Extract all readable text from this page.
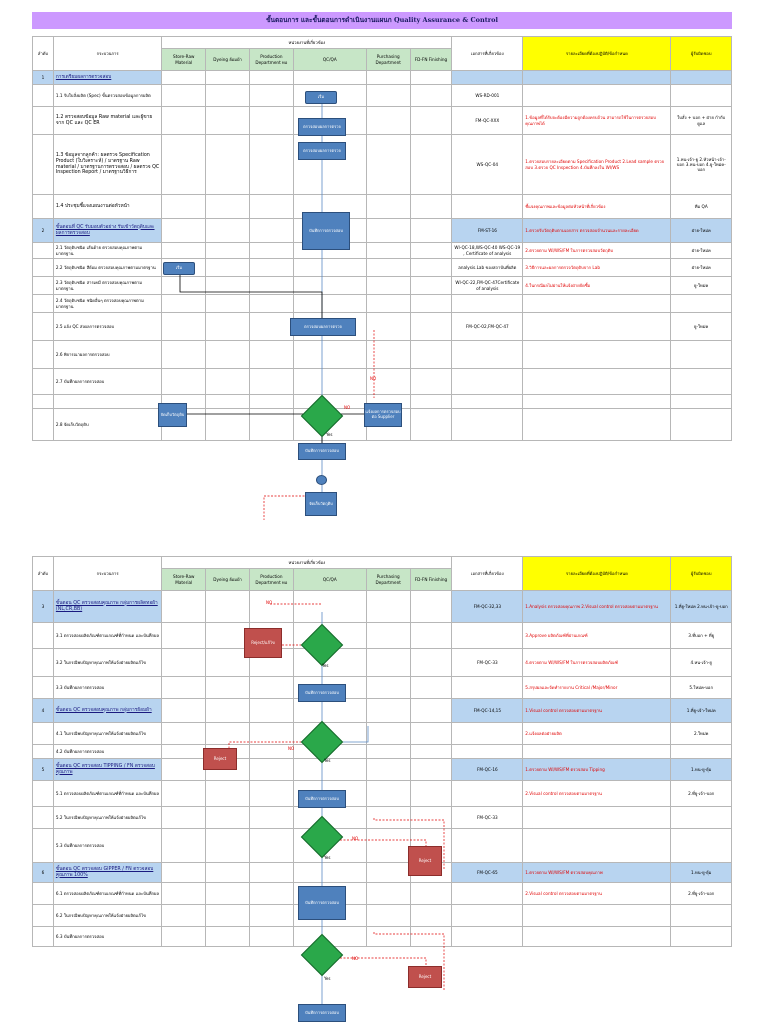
ขั้นตอนการ และขั้นตอนการดำเนินงานแผนก Quality Assurance & Control
ลำดับ	กระบวนการ	หน่วยงานที่เกี่ยวข้อง						เอกสารที่เกี่ยวข้อง	รายละเอียดที่ต้องปฏิบัติ/ข้อกำหนด	ผู้รับผิดชอบ
		Store-Raw Material	Dyeing ย้อมผ้า	Production Department ทอ	QC/QA	Purchasing Department	FD-FN Finishing			
1	การเตรียมผลการตรวจสอบ									
	1.1 รับใบสั่งผลิต (Spec) ขั้นตรวจสอบข้อมูลการผลิต							WS-RD-001		
	1.2 ตรวจสอบข้อมูล Raw material และผู้ขาย จาก QC และ QC ER							FM-QC-XXX	1.ข้อมูลที่ได้รับจะต้องมีความถูกต้องครบถ้วน สามารถใช้ในการตรวจสอบคุณภาพได้	ใบสั่ง + บอก + ฝ่าย กำกับดูแล
	1.3 ข้อมูลจากลูกค้า: ผลตรวจ Specification Product (ใบวิเคราะห์) / มาตรฐาน Raw material / มาตรฐานการตรวจสอบ / ผลตรวจ QC Inspection Report / มาตรฐานวิธีการ							WS-QC-04	1.ตรวจสอบรายละเอียดตาม Specification Product 2.Lead sample ตรวจสอบ 3.ตรวจ QC Inspection 4.บันทึกลงใน WI/WS	1.หน-เจ้า-ยู 2.หัวหน้า-เจ้า-บอก 3.หน-บอก 4.ยู-ใหม่ค-บอก
	1.4 ประชุมชี้แจงแผนงานต่อหัวหน้า								ชี้แจงคุณภาพและข้อมูลต่อหัวหน้าที่เกี่ยวข้อง	ทีม QA
2	ขั้นตอนที่ QC รับมอบตัวอย่าง รับเข้าวัตถุดิบและผลการตรวจสอบ							FM-ST-16	1.ตรวจรับวัตถุดิบตามเอกสาร ตรวจสอบจำนวนและรายละเอียด	ฝ่าย-ใหม่ค
	2.1 วัตถุดิบชนิด เส้นด้าย ตรวจสอบคุณภาพตามมาตรฐาน							WI-QC-18,WS-QC-40 WS-QC-19 , Certificate of analysis	2.ตรวจตาม WI/WS/FM ในการตรวจสอบวัตถุดิบ	ฝ่าย-ใหม่ค
	2.2 วัตถุดิบชนิด สีย้อม ตรวจสอบคุณภาพตามมาตรฐาน							analysis.Lab ของสถาบันที่ผลิต	3.วิธีการและผลการตรวจวัตถุดิบจาก Lab	ฝ่าย-ใหม่ค
	2.3 วัตถุดิบชนิด สารเคมี ตรวจสอบคุณภาพตามมาตรฐาน							WI-QC-22,FM-QC-47Certificate of analysis	4.ในกรณีผลไม่ผ่านให้แจ้งฝ่ายจัดซื้อ	ยู-ใหม่ค
	2.4 วัตถุดิบชนิด ชนิดอื่นๆ ตรวจสอบคุณภาพตามมาตรฐาน									
	2.5 แจ้ง QC ส่งผลการตรวจสอบ							FM-QC-02,FM-QC-47		ยู-ใหม่ค
	2.6 พิจารณาผลการตรวจสอบ									
	2.7 บันทึกผลการตรวจสอบ									

	2.8 จัดเก็บวัตถุดิบ									
ลำดับ	กระบวนการ	หน่วยงานที่เกี่ยวข้อง						เอกสารที่เกี่ยวข้อง	รายละเอียดที่ต้องปฏิบัติ/ข้อกำหนด	ผู้รับผิดชอบ
		Store-Raw Material	Dyeing ย้อมผ้า	Production Department ทอ	QC/QA	Purchasing Department	FD-FN Finishing			
3	ขั้นตอน QC ตรวจสอบคุณภาพ กลุ่มการผลิตทอผ้า (NL,CR,BB)							FM-QC-32,33	1.Analysis ตรวจสอบคุณภาพ 2.Visual control ตรวจสอบตามมาตรฐาน	1.ที่ยู-ใหม่ค 2.หน-เจ้า-ยู-บอก
	3.1 ตรวจสอบผลิตภัณฑ์ตามเกณฑ์ที่กำหนด และบันทึกผล								3.Approve ผลิตภัณฑ์ที่ผ่านเกณฑ์	3.ที่บอก + ที่ยู
	3.2 ในกรณีพบปัญหาคุณภาพให้แจ้งฝ่ายผลิตแก้ไข							FM-QC-33	4.ตรวจตาม WI/WS/FM ในการตรวจสอบผลิตภัณฑ์	4.หน-เจ้า-ยู
	3.3 บันทึกผลการตรวจสอบ								5.สรุปผลและจัดทำรายงาน Critical /Major/Minor	5.ใหม่ค-บอก
4	ขั้นตอน QC ตรวจสอบคุณภาพ กลุ่มการย้อมผ้า							FM-QC-14,15	1.Visual control ตรวจสอบตามมาตรฐาน	1.ที่ยู-เจ้า-ใหม่ค
	4.1 ในกรณีพบปัญหาคุณภาพให้แจ้งฝ่ายผลิตแก้ไข								2.แจ้งผลต่อฝ่ายผลิต	2.ใหม่ค
	4.2 บันทึกผลการตรวจสอบ									
5	ขั้นตอน QC ตรวจสอบ TIPPING / FN ตรวจสอบคุณภาพ							FM-QC-16	1.ตรวจตาม WI/WS/FM ตรวจสอบ Tipping	1.หน-ยู-ยุ้ม
	5.1 ตรวจสอบผลิตภัณฑ์ตามเกณฑ์ที่กำหนด และบันทึกผล								2.Visual control ตรวจสอบตามมาตรฐาน	2.ที่ยู-เจ้า-บอก
	5.2 ในกรณีพบปัญหาคุณภาพให้แจ้งฝ่ายผลิตแก้ไข							FM-QC-33		
	5.3 บันทึกผลการตรวจสอบ									
6	ขั้นตอน QC ตรวจสอบ GIPPER / FN ตรวจสอบคุณภาพ 100%							FM-QC-65	1.ตรวจตาม WI/WS/FM ตรวจสอบคุณภาพ	1.หน-ยู-ยุ้ม
	6.1 ตรวจสอบผลิตภัณฑ์ตามเกณฑ์ที่กำหนด และบันทึกผล								2.Visual control ตรวจสอบตามมาตรฐาน	2.ที่ยู-เจ้า-บอก
	6.2 ในกรณีพบปัญหาคุณภาพให้แจ้งฝ่ายผลิตแก้ไข									
	6.3 บันทึกผลการตรวจสอบ									
เริ่ม
ตรวจสอบผลการตรวจ
ตรวจสอบผลการตรวจ
บันทึกการตรวจสอบ
เริ่ม
ตรวจสอบผลการตรวจ
จัดเก็บวัตถุดิบ	แจ้งผลการตรวจสอบต่อ Supplier
บันทึกการตรวจสอบ
จัดเก็บวัตถุดิบ
NO
NO
Yes
NO
Reject/แก้ไข
Yes
บันทึกการตรวจสอบ
Reject
NO
Yes
บันทึกการตรวจสอบ
NO
Reject
Yes
บันทึกการตรวจสอบ
NO
Reject
Yes
บันทึกการตรวจสอบ
